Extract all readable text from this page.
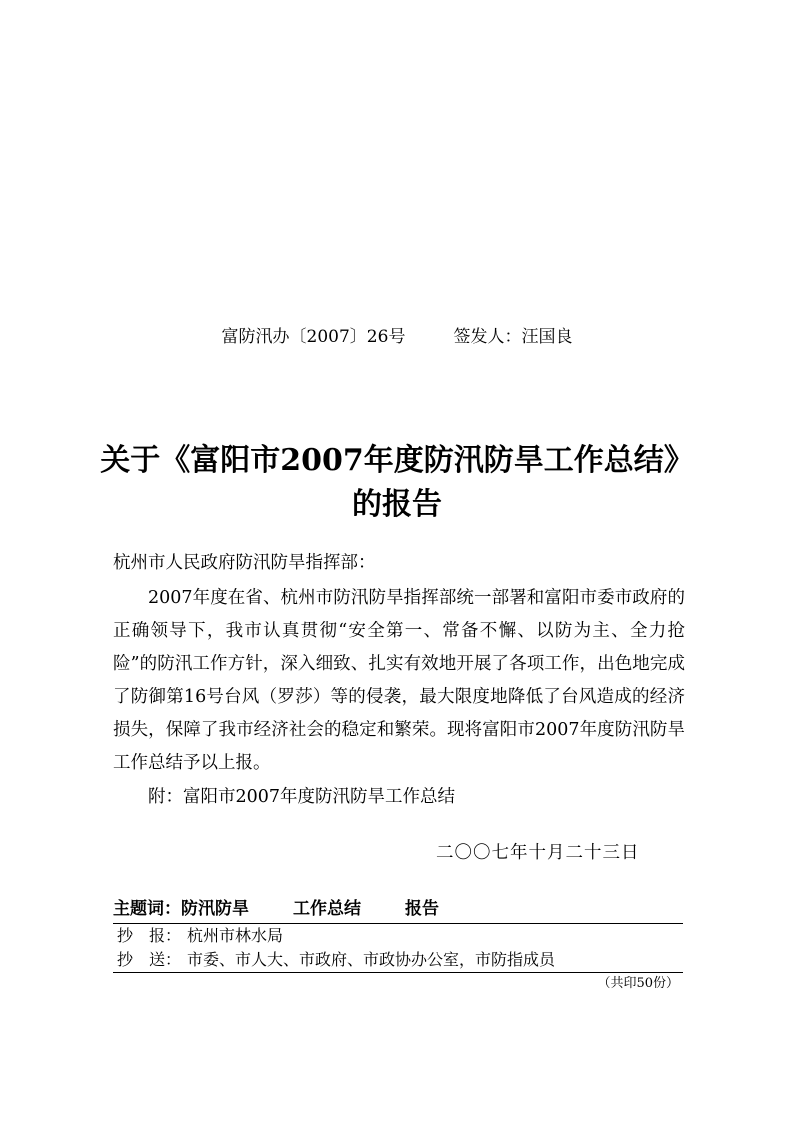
富防汛办〔2007〕26号	签发人：汪国良
关于《富阳市2007年度防汛防旱工作总结》
的报告
杭州市人民政府防汛防旱指挥部：
2007年度在省、杭州市防汛防旱指挥部统一部署和富阳市委市政府的正确领导下，我市认真贯彻“安全第一、常备不懈、以防为主、全力抢险”的防汛工作方针，深入细致、扎实有效地开展了各项工作，出色地完成了防御第16号台风（罗莎）等的侵袭，最大限度地降低了台风造成的经济损失，保障了我市经济社会的稳定和繁荣。现将富阳市2007年度防汛防旱工作总结予以上报。
附：富阳市2007年度防汛防旱工作总结
二〇〇七年十月二十三日
主题词：防汛防旱	工作总结	报告
抄　报： 杭州市林水局
抄　送： 市委、市人大、市政府、市政协办公室，市防指成员
（共印50份）
